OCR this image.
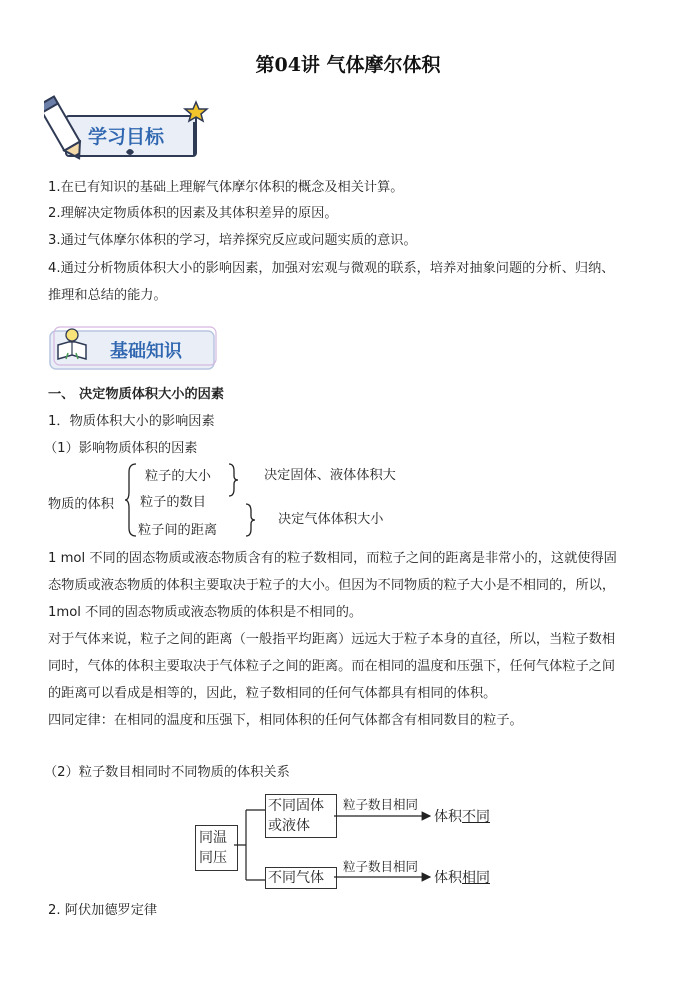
第04讲 气体摩尔体积
学习目标
1.在已有知识的基础上理解气体摩尔体积的概念及相关计算。
2.理解决定物质体积的因素及其体积差异的原因。
3.通过气体摩尔体积的学习，培养探究反应或问题实质的意识。
4.通过分析物质体积大小的影响因素，加强对宏观与微观的联系，培养对抽象问题的分析、归纳、
推理和总结的能力。
基础知识
一、 决定物质体积大小的因素
1．物质体积大小的影响因素
（1）影响物质体积的因素
物质的体积
粒子的大小
粒子的数目
粒子间的距离
决定固体、液体体积大
决定气体体积大小
1 mol 不同的固态物质或液态物质含有的粒子数相同，而粒子之间的距离是非常小的，这就使得固
态物质或液态物质的体积主要取决于粒子的大小。但因为不同物质的粒子大小是不相同的，所以，
1mol 不同的固态物质或液态物质的体积是不相同的。
对于气体来说，粒子之间的距离（一般指平均距离）远远大于粒子本身的直径，所以，当粒子数相
同时，气体的体积主要取决于气体粒子之间的距离。而在相同的温度和压强下，任何气体粒子之间
的距离可以看成是相等的，因此，粒子数相同的任何气体都具有相同的体积。
四同定律：在相同的温度和压强下，相同体积的任何气体都含有相同数目的粒子。
（2）粒子数目相同时不同物质的体积关系
同温
同压
不同固体
或液体
不同气体
粒子数目相同
粒子数目相同
体积不同
体积相同
2. 阿伏加德罗定律
